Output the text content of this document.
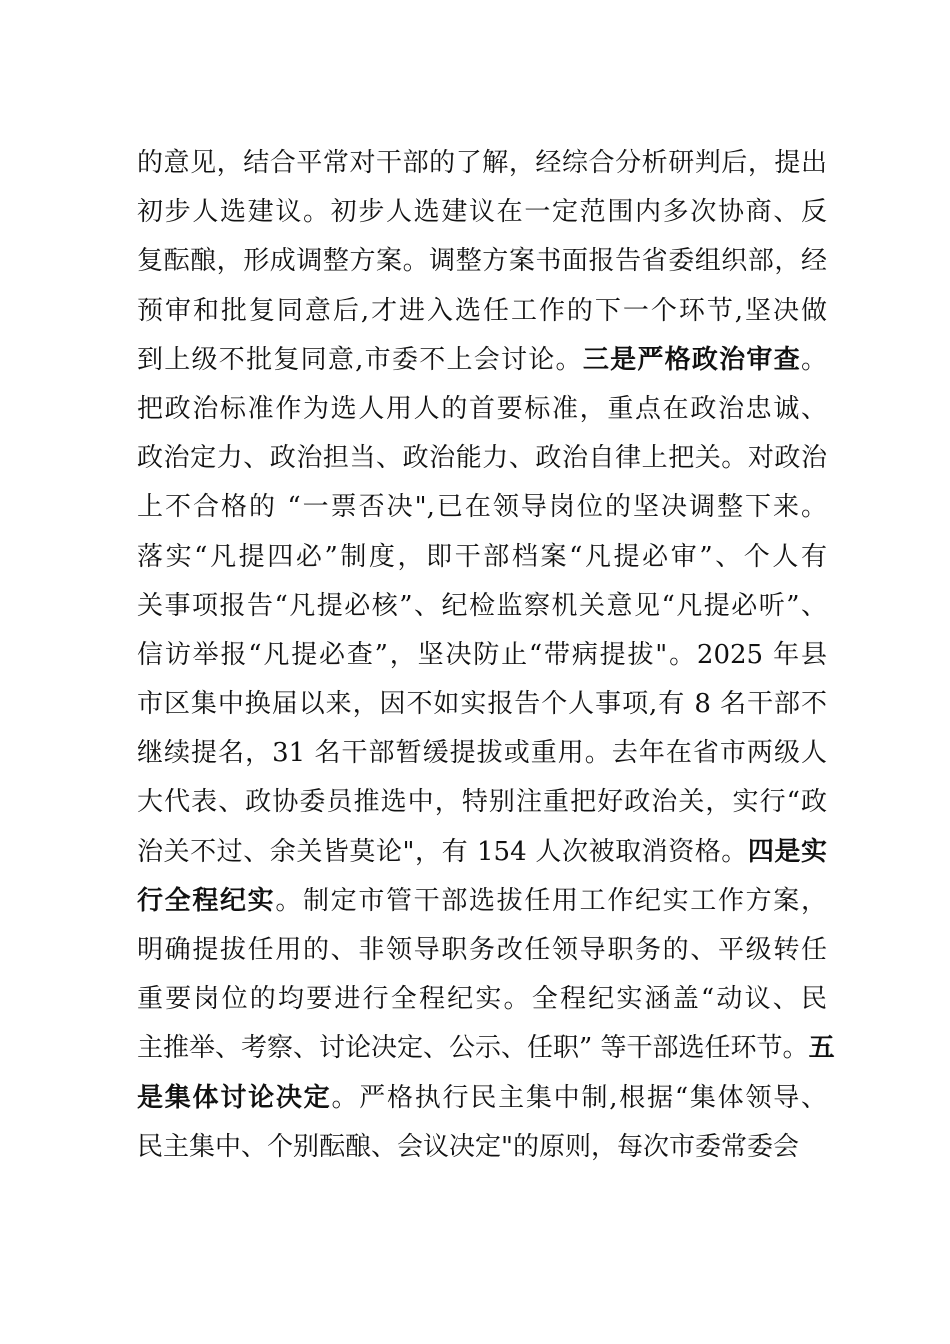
的意见，结合平常对干部的了解，经综合分析研判后，提出
初步人选建议。初步人选建议在一定范围内多次协商、反
复酝酿，形成调整方案。调整方案书面报告省委组织部，经
预审和批复同意后,才进入选任工作的下一个环节,坚决做
到上级不批复同意,市委不上会讨论。三是严格政治审查。
把政治标准作为选人用人的首要标准，重点在政治忠诚、
政治定力、政治担当、政治能力、政治自律上把关。对政治
上不合格的 “一票否决",已在领导岗位的坚决调整下来。
落实“凡提四必”制度，即干部档案“凡提必审”、个人有
关事项报告“凡提必核”、纪检监察机关意见“凡提必听”、
信访举报“凡提必查”，坚决防止“带病提拔"。2025 年县
市区集中换届以来，因不如实报告个人事项,有 8 名干部不
继续提名，31 名干部暂缓提拔或重用。去年在省市两级人
大代表、政协委员推选中，特别注重把好政治关，实行“政
治关不过、余关皆莫论"，有 154 人次被取消资格。四是实
行全程纪实。制定市管干部选拔任用工作纪实工作方案，
明确提拔任用的、非领导职务改任领导职务的、平级转任
重要岗位的均要进行全程纪实。全程纪实涵盖“动议、民
主推举、考察、讨论决定、公示、任职” 等干部选任环节。五
是集体讨论决定。严格执行民主集中制,根据“集体领导、
民主集中、个别酝酿、会议决定"的原则，每次市委常委会
